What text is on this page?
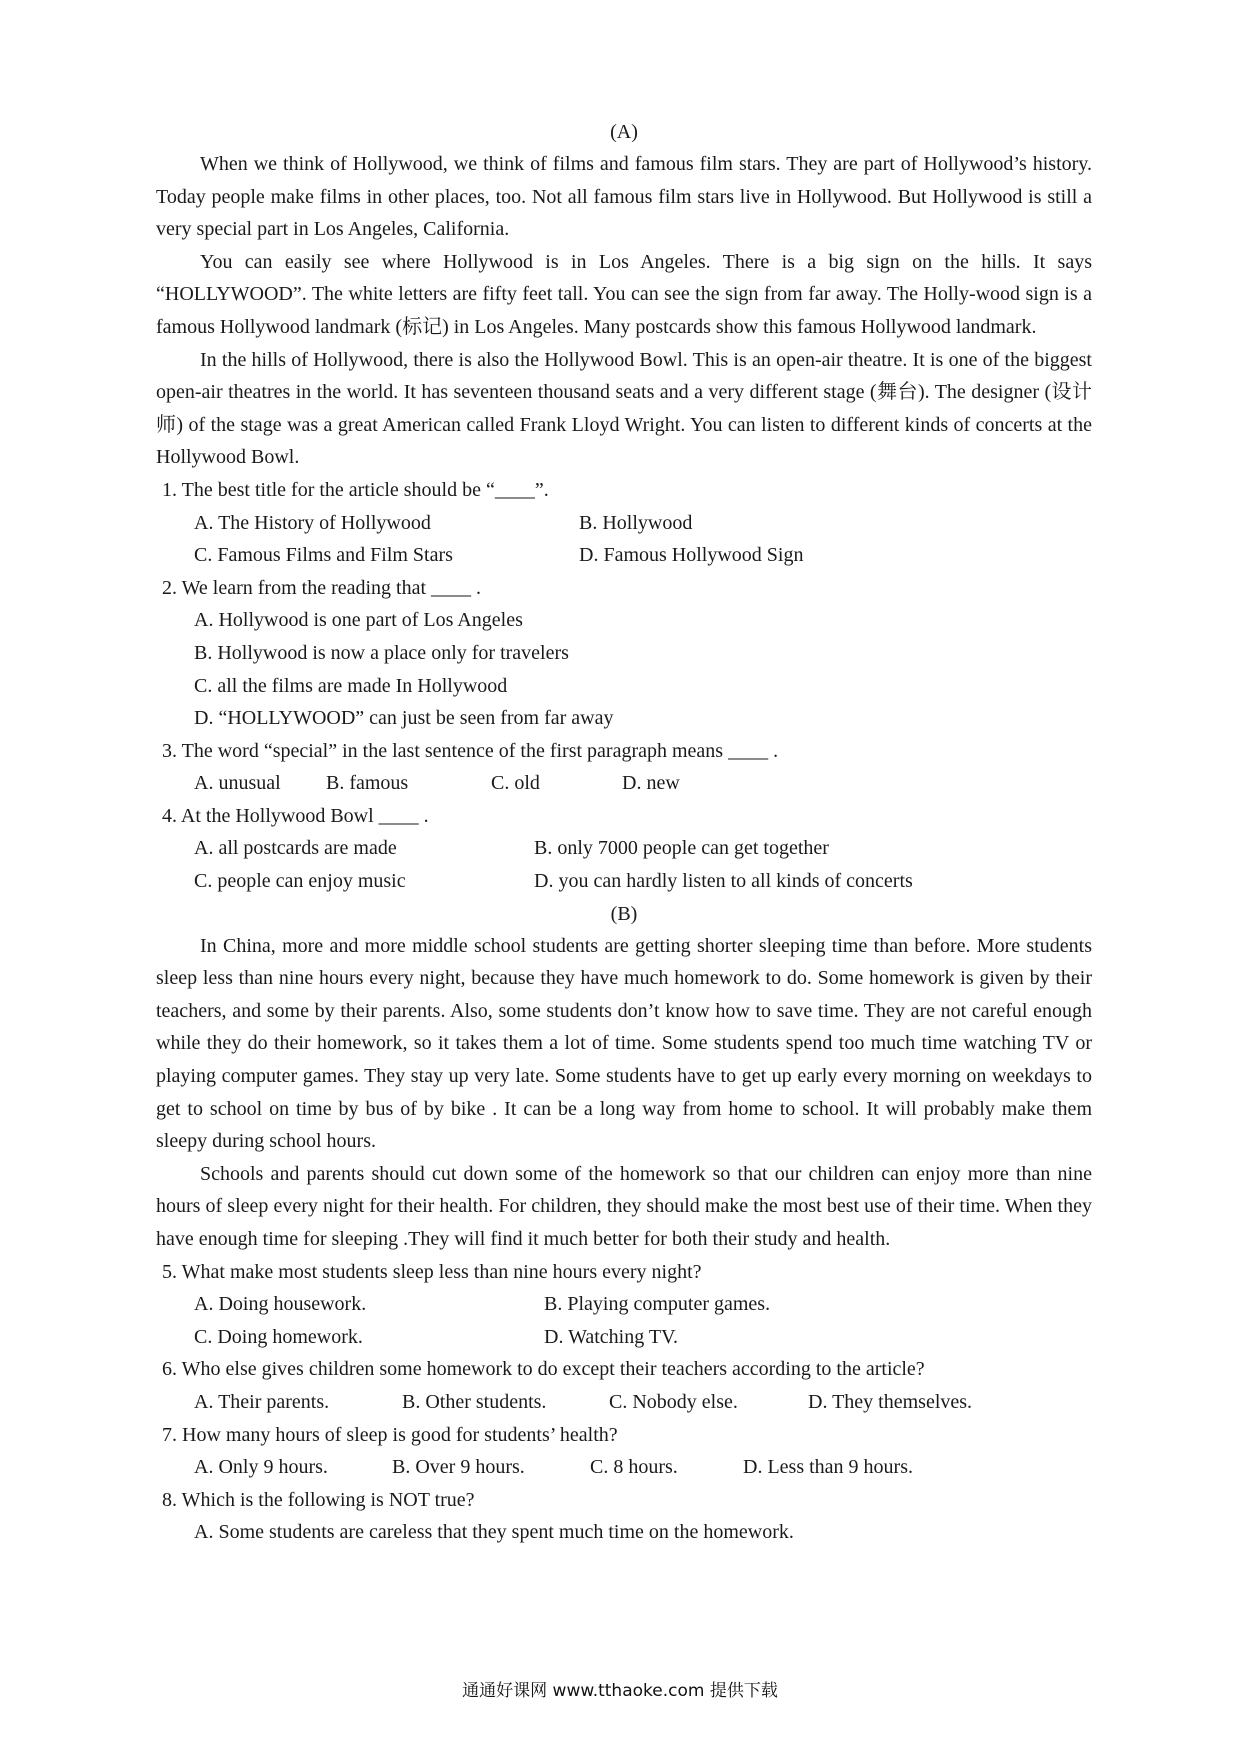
(A)

When we think of Hollywood, we think of films and famous film stars. They are part of Hollywood’s history. Today people make films in other places, too. Not all famous film stars live in Hollywood. But Hollywood is still a very special part in Los Angeles, California.

You can easily see where Hollywood is in Los Angeles. There is a big sign on the hills. It says “HOLLYWOOD”. The white letters are fifty feet tall. You can see the sign from far away. The Holly-wood sign is a famous Hollywood landmark (标记) in Los Angeles. Many postcards show this famous Hollywood landmark.

In the hills of Hollywood, there is also the Hollywood Bowl. This is an open-air theatre. It is one of the biggest open-air theatres in the world. It has seventeen thousand seats and a very different stage (舞台). The designer (设计师) of the stage was a great American called Frank Lloyd Wright. You can listen to different kinds of concerts at the Hollywood Bowl.

1. The best title for the article should be “____”.
A. The History of Hollywood	B. Hollywood
C. Famous Films and Film Stars	D. Famous Hollywood Sign
2. We learn from the reading that ____ .
A. Hollywood is one part of Los Angeles
B. Hollywood is now a place only for travelers
C. all the films are made In Hollywood
D. “HOLLYWOOD” can just be seen from far away
3. The word “special” in the last sentence of the first paragraph means ____ .
A. unusual B. famous	C. old	D. new
4. At the Hollywood Bowl ____ .
A. all postcards are made	B. only 7000 people can get together
C. people can enjoy music	D. you can hardly listen to all kinds of concerts
(B)

In China, more and more middle school students are getting shorter sleeping time than before. More students sleep less than nine hours every night, because they have much homework to do. Some homework is given by their teachers, and some by their parents. Also, some students don’t know how to save time. They are not careful enough while they do their homework, so it takes them a lot of time. Some students spend too much time watching TV or playing computer games. They stay up very late. Some students have to get up early every morning on weekdays to get to school on time by bus of by bike . It can be a long way from home to school. It will probably make them sleepy during school hours.

Schools and parents should cut down some of the homework so that our children can enjoy more than nine hours of sleep every night for their health. For children, they should make the most best use of their time. When they have enough time for sleeping .They will find it much better for both their study and health.

5. What make most students sleep less than nine hours every night?
A. Doing housework.	B. Playing computer games.
C. Doing homework.	D. Watching TV.
6. Who else gives children some homework to do except their teachers according to the article?
A. Their parents.	B. Other students.	C. Nobody else.	D. They themselves.
7. How many hours of sleep is good for students’ health?
A. Only 9 hours.	B. Over 9 hours.	C. 8 hours.	D. Less than 9 hours.
8. Which is the following is NOT true?
A. Some students are careless that they spent much time on the homework.
通通好课网 www.tthaoke.com 提供下载
